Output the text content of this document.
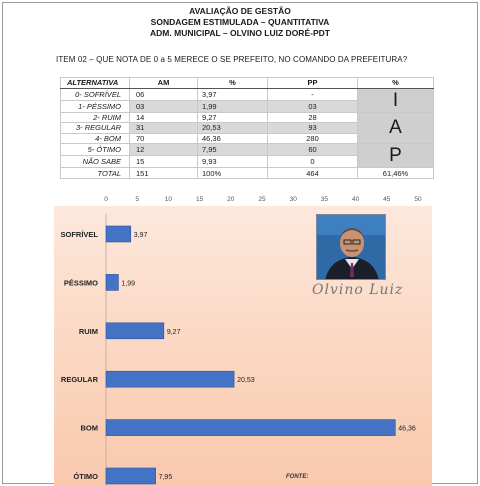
AVALIAÇÃO DE GESTÃO
SONDAGEM ESTIMULADA – QUANTITATIVA
ADM. MUNICIPAL – OLVINO LUIZ DORÉ-PDT
ITEM 02 – QUE NOTA DE 0 a 5 MERECE O SE PREFEITO, NO COMANDO DA PREFEITURA?
ALTERNATIVA	AM	%	PP	%
0- SOFRÍVEL	06	3,97	-	I
1- PÉSSIMO	03	1,99	03	
2- RUIM	14	9,27	28	A
3- REGULAR	31	20,53	93	
4- BOM	70	46,36	280	
5- ÓTIMO	12	7,95	60	P
NÃO SABE	15	9,93	0	
TOTAL	151	100%	464	61,46%
0	5	10	15	20	25	30	35	40	45	50
SOFRÍVEL	3,97
PÉSSIMO	1,99
RUIM	9,27
REGULAR	20,53
BOM	46,36
ÓTIMO	7,95
Olvino Luiz
FONTE:
